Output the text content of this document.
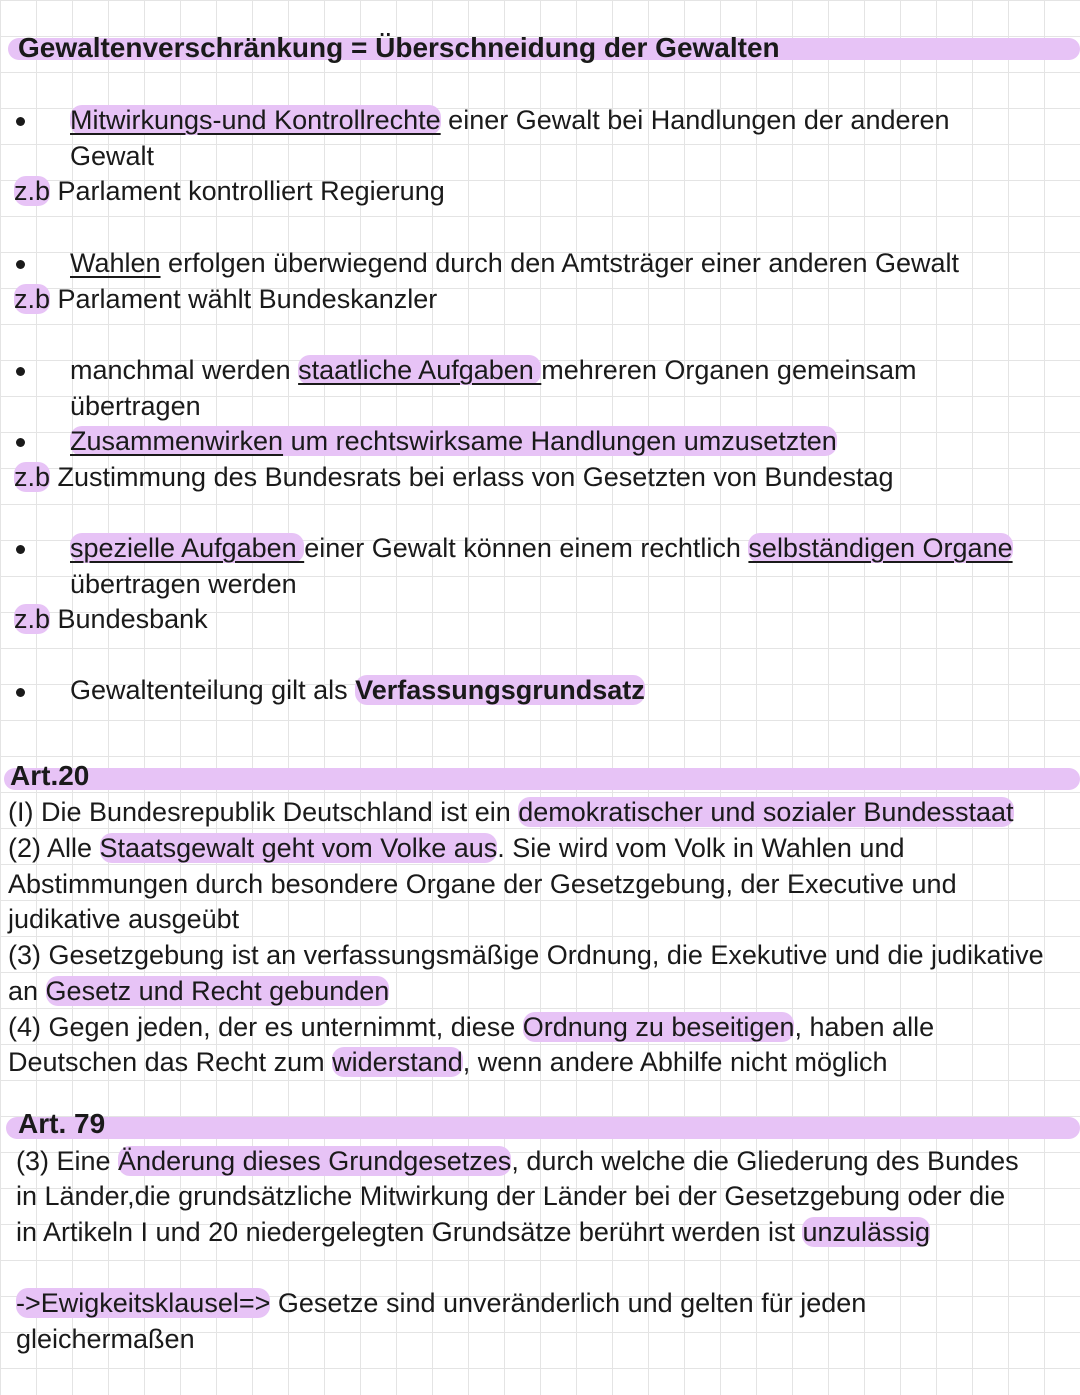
Gewaltenverschränkung = Überschneidung der Gewalten
Mitwirkungs-und Kontrollrechte einer Gewalt bei Handlungen der anderen
Gewalt
z.b Parlament kontrolliert Regierung
Wahlen erfolgen überwiegend durch den Amtsträger einer anderen Gewalt
z.b Parlament wählt Bundeskanzler
manchmal werden staatliche Aufgaben mehreren Organen gemeinsam
übertragen
Zusammenwirken um rechtswirksame Handlungen umzusetzten
z.b Zustimmung des Bundesrats bei erlass von Gesetzten von Bundestag
spezielle Aufgaben einer Gewalt können einem rechtlich selbständigen Organe
übertragen werden
z.b Bundesbank
Gewaltenteilung gilt als Verfassungsgrundsatz
Art.20
(I) Die Bundesrepublik Deutschland ist ein demokratischer und sozialer Bundesstaat
(2) Alle Staatsgewalt geht vom Volke aus. Sie wird vom Volk in Wahlen und
Abstimmungen durch besondere Organe der Gesetzgebung, der Executive und
judikative ausgeübt
(3) Gesetzgebung ist an verfassungsmäßige Ordnung, die Exekutive und die judikative
an Gesetz und Recht gebunden
(4) Gegen jeden, der es unternimmt, diese Ordnung zu beseitigen, haben alle
Deutschen das Recht zum widerstand, wenn andere Abhilfe nicht möglich
Art. 79
(3) Eine Änderung dieses Grundgesetzes, durch welche die Gliederung des Bundes
in Länder,die grundsätzliche Mitwirkung der Länder bei der Gesetzgebung oder die
in Artikeln I und 20 niedergelegten Grundsätze berührt werden ist unzulässig
->Ewigkeitsklausel=> Gesetze sind unveränderlich und gelten für jeden
gleichermaßen
